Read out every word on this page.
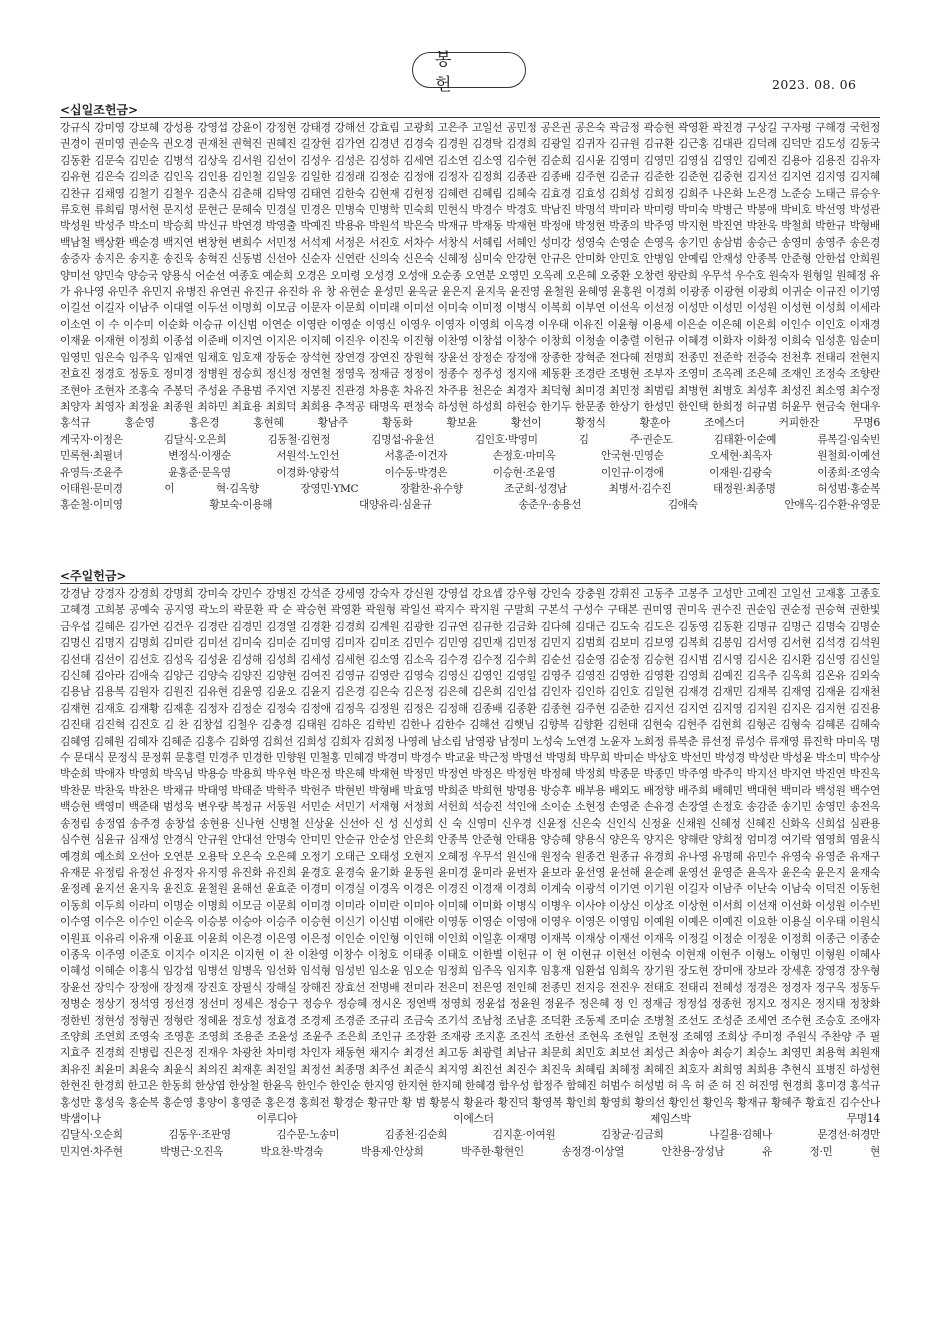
봉 헌	2023. 08. 06
<십일조헌금>
강규식 강미영 강보혜 강성용 강영섭 강윤이 강정현 강태경 강해선 강효림 고광희 고은주 고일선 공민정 공은권 공은숙 곽금정 곽승현 곽영환 곽진경 구상길 구자평 구해경 국헌정 권경이 권미영 권순옥 권오경 권재천 권혁진 권혜진 길장현 김가연 김경년 김경숙 김경원 김경탁 김경희 김광일 김귀자 김규원 김규환 김근홍 김대관 김덕례 김덕만 김도성 김동국 김동환 김문숙 김민순 김병석 김상욱 김서원 김선이 김성우 김성은 김성하 김세연 김소연 김소영 김수현 김순희 김시윤 김영미 김영민 김영심 김영인 김예진 김용아 김용진 김유자 김유현 김은숙 김의준 김인옥 김인용 김인철 김일웅 김일한 김정래 김정순 김정애 김정자 김정희 김종관 김종배 김주현 김준규 김준한 김준현 김중현 김지선 김지연 김지영 김지혜 김찬규 김채영 김철기 김철우 김춘식 김춘해 김탁영 김태연 김한숙 김현재 김현정 김혜련 김혜림 김혜숙 김효경 김효성 김희성 김희정 김희주 나은화 노은경 노준승 노태근 류승우 류호현 류희림 명서현 문지성 문현근 문혜숙 민경실 민경은 민병숙 민병학 민숙희 민현식 박경수 박경호 박남진 박명석 박미라 박미령 박미숙 박병근 박봉애 박비호 박선영 박성관 박성원 박성주 박소미 박승희 박신규 박연경 박영출 박예진 박용유 박원석 박은숙 박재규 박재동 박재현 박정애 박정현 박종의 박주영 박지현 박진연 박찬욱 박철희 박한규 박형배 백남철 백상환 백순경 백지연 변창현 변희수 서민정 서석제 서정은 서진호 서차수 서창식 서혜림 서혜인 성미강 성영숙 손영순 손영옥 송기민 송삼범 송승근 송영미 송영주 송은경 송증자 송지은 송지훈 송진욱 송혁진 신동범 신선아 신순자 신연란 신의숙 신은숙 신혜정 심미숙 안강현 안규은 안미화 안민호 안병임 안예림 안재성 안종복 안준형 안한섭 안희원 양미선 양민숙 양승국 양용식 어순선 여종호 예순희 오경은 오미령 오성경 오성애 오순종 오연분 오영민 오옥례 오은혜 오중환 오창련 왕란희 우무석 우수호 원숙자 원형일 원혜정 유 가 유나영 유민주 유민지 유병진 유연권 유진규 유진하 유 창 유현순 윤성민 윤옥균 윤은지 윤지욱 윤진영 윤철원 윤혜영 윤홍원 이경희 이광종 이광현 이광희 이귀순 이규진 이기영 이길선 이길자 이남주 이대열 이두선 이명희 이모금 이문자 이문희 이미래 이미선 이미숙 이미정 이병식 이복희 이부연 이선옥 이선정 이성만 이성민 이성원 이성현 이성희 이세라 이소연 이 수 이수미 이순화 이승규 이신범 이연순 이영란 이영순 이영신 이영우 이영자 이영희 이옥경 이우태 이유진 이윤형 이용세 이은순 이은혜 이은희 이인수 이인호 이재경 이재윤 이재현 이정희 이종섭 이준배 이지연 이지은 이지혜 이진우 이진욱 이진형 이찬영 이창섭 이창수 이창희 이청솔 이충렬 이헌규 이혜경 이화자 이화정 이희숙 임성훈 임순미 임영민 임은숙 임주옥 임재연 임채호 임호재 장동순 장석현 장연경 장연진 장원혁 장윤선 장정순 장정애 장종한 장혁준 전다혜 전명희 전종민 전준학 전증숙 전천후 전태리 전현지 전효진 정경호 정동호 정미경 정병원 정승희 정신정 정연철 정영욱 정재금 정정이 정종수 정주성 정지애 제동환 조경란 조병현 조부자 조영미 조옥례 조은혜 조재인 조정숙 조향란 조현아 조현자 조홍숙 주봉덕 주성윤 주용범 주지연 지봉진 진관경 차용훈 차유진 차주용 천은순 최경자 최덕형 최미경 최민정 최범림 최병현 최병호 최성후 최성진 최소영 최수정 최양자 최영자 최정윤 최종원 최하민 최효용 최희덕 최희용 추적공 태명옥 편정숙 하성현 하성희 하헌승 한기두 한문종 한상기 한성민 한인택 한희정 허규범 허윤무 현금숙 현대우 홍석규 홍순영 홍은경 홍현혜 황남주 황동화 황보윤 황선이 황정식 황훈아 조에스더 커피한잔 무명6
계국자·이정은 김달식·오은희 김동철·김현정 김명섭·유윤선 김인호·박영미 김 주·권순도 김태환·이순예 류복길·임숙빈
민록현·최필녀 변정식·이쟁순 서원석·노인선 서홍준·이건자 손정호·마미옥 안국현·민영순 오세현·최옥자 원철희·이예선
유영득·조윤주 윤홍준·문옥영 이경화·양광석 이수동·박경은 이승현·조윤영 이인규·이경애 이재원·김광숙 이종희·조영숙
이태원·문미경 이 혁·김옥향 장영민·YMC 장활찬·유수향 조군희·성경남 최병서·김수진 태정원·최종명 허성범·홍순복
홍순철·이미영 황보숙·이용해 대양유리·심윤규 송준우·송용선 김애숙 안애옥·김수환·유영문
<주일헌금>
강경남 강경자 강경희 강명희 강미숙 강민수 강병진 강석준 강세영 강숙자 강신원 강영섭 강요셉 강우형 강인숙 강충원 강휘진 고동주 고봉주 고성만 고예진 고일선 고재홍 고종호 고혜경 고희봉 공예숙 공지영 곽노의 곽문환 곽 순 곽승현 곽영환 곽원형 곽일선 곽지수 곽지원 구말희 구본석 구성수 구태본 권미영 권미옥 권수진 권순임 권순정 권승혁 권한빛 금우섭 길혜은 김가연 김건우 김경란 김경민 김경열 김경환 김경희 김계원 김광한 김규연 김규한 김금화 김다혜 김대근 김도숙 김도은 김동영 김동환 김명규 김명근 김명숙 김명순 김명신 김명지 김명희 김미란 김미선 김미숙 김미순 김미영 김미자 김미조 김민수 김민영 김민재 김민정 김민지 김범희 김보미 김보영 김복희 김봉임 김서영 김서현 김석경 김석원 김선대 김선이 김선호 김성옥 김성윤 김성해 김성희 김세성 김세현 김소영 김소옥 김수경 김수정 김수희 김순선 김순영 김순정 김승현 김시범 김시영 김시온 김시환 김신영 김신일 김신혜 김아라 김애숙 김양근 김양숙 김양진 김양현 김여진 김영규 김영란 김영숙 김영신 김영인 김영일 김영주 김영진 김영한 김영환 김영희 김예진 김옥주 김옥희 김온유 김외숙 김용남 김용복 김원자 김원진 김유현 김윤영 김윤오 김윤지 김은경 김은숙 김은정 김은혜 김은희 김인섭 김인자 김인하 김인호 김일현 김재경 김재민 김재복 김재영 김재윤 김재천 김재현 김재호 김재황 김재훈 김정자 김정순 김정숙 김정애 김정옥 김정원 김정은 김정해 김종배 김종환 김종현 김주현 김준한 김지선 김지연 김지영 김지원 김지은 김지현 김진용 김진태 김진혁 김진호 김 찬 김창섭 김철우 김충경 김태원 김하은 김학빈 김한나 김한수 김해선 김햇님 김향복 김향환 김헌태 김현숙 김현주 김현희 김형곤 김형숙 김혜론 김혜숙 김혜영 김혜원 김혜자 김혜준 김홍수 김화영 김희선 김희성 김희자 김희정 나영례 남소림 남영광 남정미 노성숙 노연경 노윤자 노희정 류복춘 류선정 류성수 류재영 류진학 마미옥 명 수 문대식 문정식 문정휘 문홍렬 민경주 민경한 민향원 민철홍 민혜경 박경미 박경수 박교윤 박근정 박명선 박명희 박무희 박미순 박상호 박선민 박성경 박성란 박성윤 박소미 박수상 박순희 박애자 박영희 박옥님 박용승 박용희 박우현 박은정 박은혜 박재현 박정민 박정연 박정은 박정현 박정혜 박정희 박종문 박종민 박주영 박주익 박지선 박지연 박진연 박진옥 박찬문 박찬욱 박찬은 박채규 박태영 박태준 박학주 박헌주 박현빈 박형배 박효영 박희준 박희현 방명용 방승후 배부용 배외도 배정향 배주희 배혜민 백대현 백미라 백성원 백수연 백승현 백영미 백준태 범성욱 변우량 복정규 서동원 서민순 서민기 서재형 서정희 서헌희 석승진 석인애 소이순 소현정 손영준 손유경 손장열 손정호 송감준 송기민 송영민 송전옥 송정림 송정엽 송주경 송창섭 송현용 신나현 신병철 신상윤 신선아 신 성 신성희 신 숙 신영미 신우경 신윤정 신은숙 신인식 신정윤 신채원 신혜정 신혜진 신화옥 신희섭 심관용 심수현 심윤규 심재성 안경식 안규원 안대선 안명숙 안미민 안순규 안순성 안은희 안종복 안준형 안태용 양승혜 양용식 양은옥 양지은 양해란 양희정 엄미경 여기락 염영희 염윤식 예경희 예소희 오선아 오연분 오용탁 오은숙 오은혜 오정기 오태근 오태성 오현지 오혜정 우무석 원신애 원정숙 원종건 원종규 유경희 유나영 유명혜 유민수 유영숙 유영준 유재구 유재문 유정림 유정선 유정자 유지영 유진화 유진희 윤경호 윤경숙 윤기화 윤동원 윤미경 윤미라 윤번자 윤보라 윤선영 윤선해 윤순례 윤영선 윤영준 윤옥자 윤은숙 윤은지 윤재숙 윤정례 윤지선 윤지욱 윤진호 윤철원 윤해선 윤효준 이경미 이경실 이경옥 이경은 이경진 이경재 이경희 이계숙 이광석 이기연 이기원 이길자 이남주 이난숙 이남숙 이덕진 이동헌 이동희 이두희 이라미 이명순 이명희 이모금 이문희 이미경 이미라 이미란 이미아 이미혜 이미화 이병식 이병우 이사야 이상신 이상조 이상현 이서희 이선재 이선화 이성원 이수빈 이수영 이수은 이수인 이순옥 이승봉 이승아 이승주 이승현 이신기 이신범 이애란 이영동 이영순 이영애 이영우 이영은 이영임 이예원 이예은 이예진 이요한 이용실 이우태 이원식 이원표 이유리 이유재 이윤표 이윤희 이은경 이은영 이은정 이인순 이인형 이인해 이인희 이일훈 이재명 이재복 이재상 이재선 이재옥 이정길 이정순 이정운 이정희 이종근 이종순 이종욱 이주영 이준호 이지수 이지은 이지현 이 찬 이찬영 이창수 이청호 이태종 이태호 이한별 이헌규 이 현 이현규 이현선 이현숙 이현재 이현주 이형노 이형민 이형원 이혜사 이혜성 이혜순 이홍식 임강섭 임병선 임병옥 임선화 임석형 임성빈 임소윤 임오순 임정희 임주옥 임지후 임홍재 임환섭 임희옥 장기원 장도현 장미애 장보라 장세훈 장영경 장우형 장윤선 장익수 장정애 장정재 장진호 장필식 장해실 장해진 장효선 전명배 전미라 전은미 전은영 전인혜 전종민 전지응 전진우 전태호 전태리 전혜성 정경은 정경자 정구옥 정동두 정병순 정상기 정석영 정선경 정선미 정세은 정승구 정승우 정승혜 정시온 정연백 정영희 정윤섭 정윤원 정윤주 정은혜 정 인 정재금 정정섭 정종헌 정지오 정지은 정지태 정창화 정한빈 정현성 정형권 정형란 정혜윤 정호성 정효경 조경제 조경준 조규리 조금숙 조기석 조남청 조남훈 조덕환 조동제 조미순 조병철 조선도 조성준 조세연 조수현 조승호 조애자 조양희 조연희 조영숙 조영훈 조영희 조용준 조윤성 조윤주 조은희 조인규 조장환 조재광 조지훈 조진석 조한선 조현옥 조현일 조현정 조혜영 조희상 주미정 주원식 주찬양 주 필 지효주 진경희 진병립 진은정 진재우 차광찬 차미령 차인자 채동현 채지수 최경선 최고동 최광렬 최남규 최문희 최민호 최보선 최성근 최송아 최승기 최승노 최영민 최용혁 최원재 최유진 최윤미 최윤숙 최윤식 최의진 최재훈 최전일 최정선 최종명 최주선 최준식 최지영 최진선 최진수 최진욱 최혜림 최혜정 최혜진 최호자 최희영 최희용 추현식 표병진 하성현 한현진 한경희 한고은 한동희 한상엽 한상철 한윤옥 한인수 한인순 한지영 한지현 한지혜 한혜경 함우성 함정주 함혜진 허범수 허성범 허 옥 허 준 허 진 허진영 현경희 홍미경 홍석규 홍성만 홍성욱 홍순복 홍순영 홍양이 홍영준 홍은경 홍희전 황경순 황규만 황 범 황봉식 황윤라 황진덕 황영복 황인희 황영희 황의선 황인선 황인옥 황재규 황혜주 황효진 김수산나 박샘이나 이루디아 이에스더 제임스박 무명14
김달식·오순희 김동우·조판영 김수문·노송미 김종천·김순희 김지훈·이여원 김창균·김금희 나길용·김혜나 문경선·허경만
민지연·차주현 박병근·오진옥 박요찬·박경숙 박용제·안상희 박주한·황현인 송정경·이상열 안찬용·장성남 유 정·민 현
